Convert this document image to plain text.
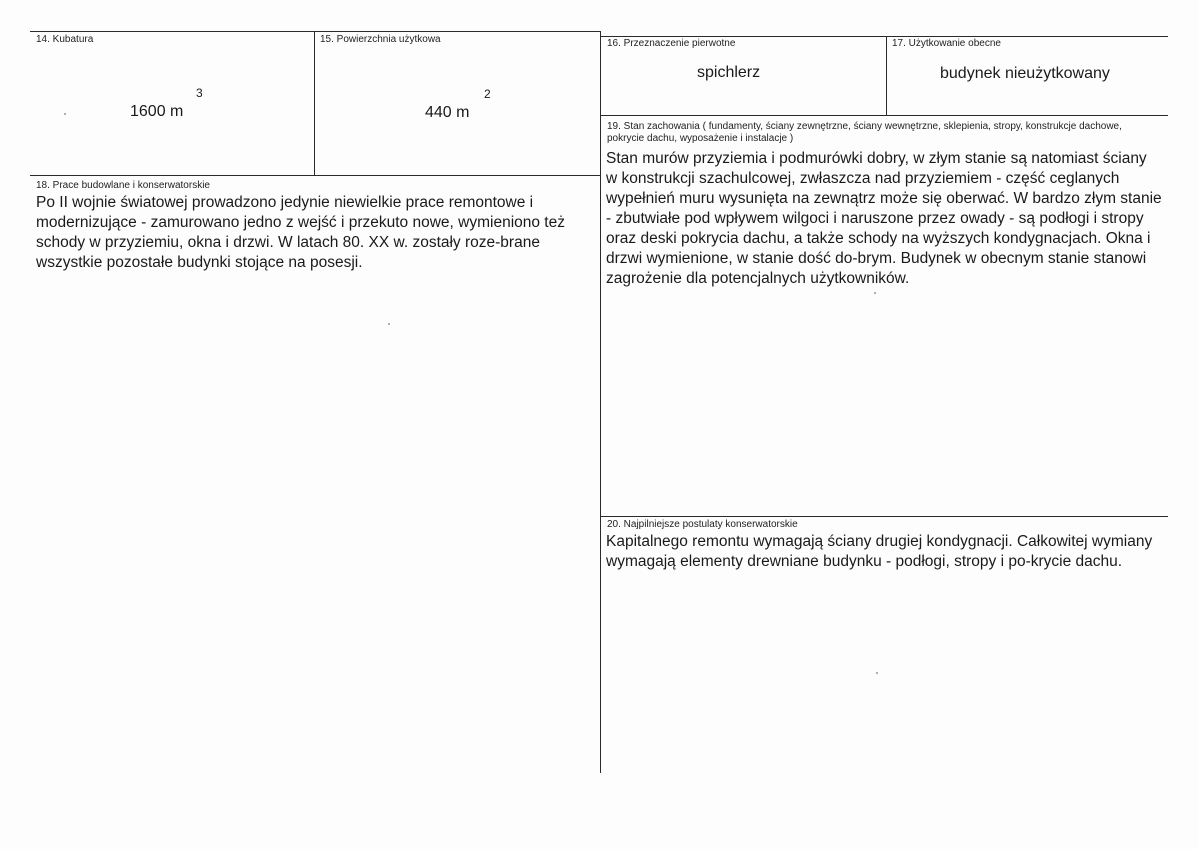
14. Kubatura
1600 m
3
15. Powierzchnia użytkowa
440 m
2
16. Przeznaczenie pierwotne
spichlerz
17. Użytkowanie obecne
budynek nieużytkowany
18. Prace budowlane i konserwatorskie
Po II wojnie światowej prowadzono jedynie niewielkie prace remontowe i modernizujące - zamurowano jedno z wejść i przekuto nowe, wymieniono też schody w przyziemiu, okna i drzwi. W latach 80. XX w. zostały roze-brane wszystkie pozostałe budynki stojące na posesji.
19. Stan zachowania ( fundamenty, ściany zewnętrzne, ściany wewnętrzne, sklepienia, stropy, konstrukcje dachowe, pokrycie dachu, wyposażenie i instalacje )
Stan murów przyziemia i podmurówki dobry, w złym stanie są natomiast ściany w konstrukcji szachulcowej, zwłaszcza nad przyziemiem - część ceglanych wypełnień muru wysunięta na zewnątrz może się oberwać. W bardzo złym stanie - zbutwiałe pod wpływem wilgoci i naruszone przez owady - są podłogi i stropy oraz deski pokrycia dachu, a także schody na wyższych kondygnacjach. Okna i drzwi wymienione, w stanie dość do-brym. Budynek w obecnym stanie stanowi zagrożenie dla potencjalnych użytkowników.
20. Najpilniejsze postulaty konserwatorskie
Kapitalnego remontu wymagają ściany drugiej kondygnacji. Całkowitej wymiany wymagają elementy drewniane budynku - podłogi, stropy i po-krycie dachu.
